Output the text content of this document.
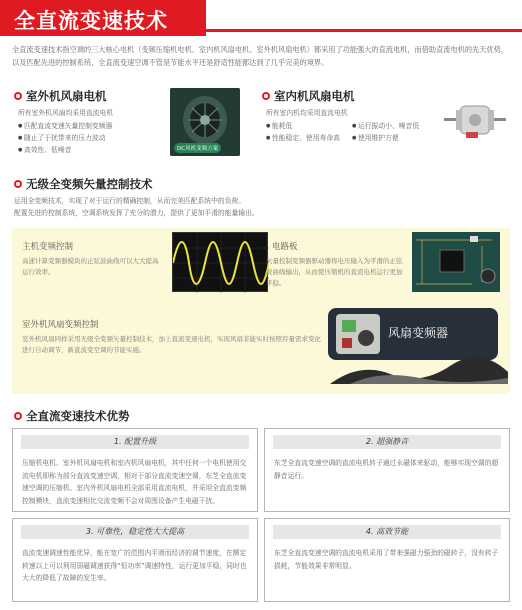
全直流变速技术
全直流变速技术指空调的三大核心电机（变频压缩机电机、室内机风扇电机、室外机风扇电机）都采用了功能强大的直流电机，而借助直流电机的先天优势，以及匹配先进的控制系统，全直流变速空调不管是节能水平还是舒适性能都达到了几乎完美的境界。
室外机风扇电机
所有室外机风扇均采用直流电机
● 匹配直流变速矢量控制变频器
● 随止了于扰带来的压力波动
● 高效性、低噪音	DC风机变频方案
室内机风扇电机
所有室内机均采用直流电机
● 能耗低
● 性能稳定、使用寿命高
● 运行振动小、噪音低
● 使用维护方便
无级全变频矢量控制技术
运用全变频技术，实现了对于运行的精确控制，从而完美匹配系统中的负荷。
配置先进的控制系统，空调系统发挥了充分的潜力，提供了更加平滑的能量输出。
主机变频控制
高速计算变频器模块的正弦波曲线可以大大提高运行效率。
电路板
矢量控制变频器驱动器将电压输入为平滑的正弦波曲线输出，从而使压缩机的直流电机运行更加平稳。
室外机风扇变频控制
室外机风扇同样采用无级全变频矢量控制技术，加上直流变速电机，实现风扇非能实时按照容量需求变化进行自动调节，新直流变空调的节能实施。
风扇变频器
全直流变速技术优势
1. 配置升级
压缩机电机、室外机风扇电机和室内机风扇电机，其中任何一个电机使用交流电机即称为部分直流变速空调，相对于部分直流变速空调，东芝全直流变速空调的压缩机、室内外机风扇电机全部采用直流电机，并采用全直流变频控制模块，直流变速相比交流变频不会对周围设备产生电磁干扰。
2. 超强静音
东芝全直流变速空调的直流电机转子通过永磁体来驱动，能够实现空调的超静音运行。
3. 可靠性，稳定性大大提高
直流变速调速性能优异，能在宽广的范围内平滑而经济的调节速度，在额定转速以上可以利用弱磁调速获得“恒功率”调速特性，运行更加平稳，同时也大大的降低了故障的发生率。
4. 高效节能
东芝全直流变速空调的直流电机采用了带来强磁力强劲的磁转子，没有转子损耗，节能效果非常明显。
